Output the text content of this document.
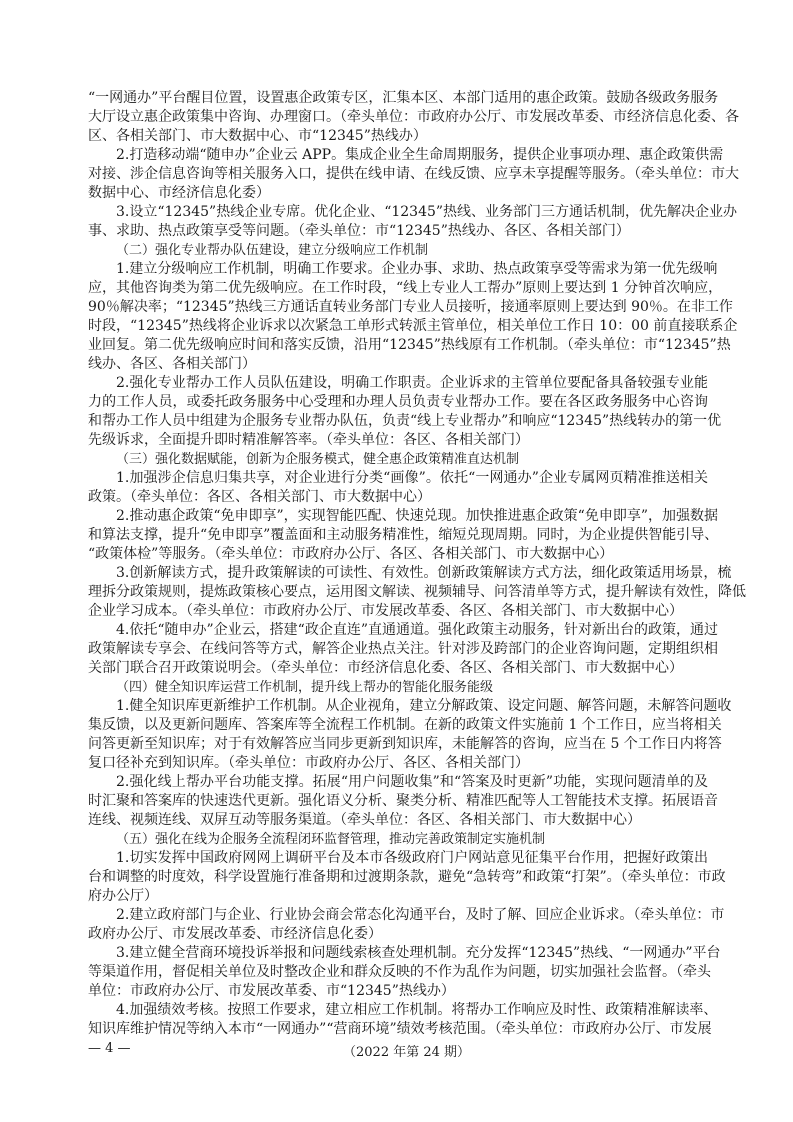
“一网通办”平台醒目位置，设置惠企政策专区，汇集本区、本部门适用的惠企政策。鼓励各级政务服务
大厅设立惠企政策集中咨询、办理窗口。（牵头单位：市政府办公厅、市发展改革委、市经济信息化委、各
区、各相关部门、市大数据中心、市“12345”热线办）
2.打造移动端“随申办”企业云 APP。集成企业全生命周期服务，提供企业事项办理、惠企政策供需
对接、涉企信息咨询等相关服务入口，提供在线申请、在线反馈、应享未享提醒等服务。（牵头单位：市大
数据中心、市经济信息化委）
3.设立“12345”热线企业专席。优化企业、“12345”热线、业务部门三方通话机制，优先解决企业办
事、求助、热点政策享受等问题。（牵头单位：市“12345”热线办、各区、各相关部门）
（二）强化专业帮办队伍建设，建立分级响应工作机制
1.建立分级响应工作机制，明确工作要求。企业办事、求助、热点政策享受等需求为第一优先级响
应，其他咨询类为第二优先级响应。在工作时段，“线上专业人工帮办”原则上要达到 1 分钟首次响应，
90％解决率；“12345”热线三方通话直转业务部门专业人员接听，接通率原则上要达到 90％。在非工作
时段，“12345”热线将企业诉求以次紧急工单形式转派主管单位，相关单位工作日 10：00 前直接联系企
业回复。第二优先级响应时间和落实反馈，沿用“12345”热线原有工作机制。（牵头单位：市“12345”热
线办、各区、各相关部门）
2.强化专业帮办工作人员队伍建设，明确工作职责。企业诉求的主管单位要配备具备较强专业能
力的工作人员，或委托政务服务中心受理和办理人员负责专业帮办工作。要在各区政务服务中心咨询
和帮办工作人员中组建为企服务专业帮办队伍，负责“线上专业帮办”和响应“12345”热线转办的第一优
先级诉求，全面提升即时精准解答率。（牵头单位：各区、各相关部门）
（三）强化数据赋能，创新为企服务模式，健全惠企政策精准直达机制
1.加强涉企信息归集共享，对企业进行分类“画像”。依托“一网通办”企业专属网页精准推送相关
政策。（牵头单位：各区、各相关部门、市大数据中心）
2.推动惠企政策“免申即享”，实现智能匹配、快速兑现。加快推进惠企政策“免申即享”，加强数据
和算法支撑，提升“免申即享”覆盖面和主动服务精准性，缩短兑现周期。同时，为企业提供智能引导、
“政策体检”等服务。（牵头单位：市政府办公厅、各区、各相关部门、市大数据中心）
3.创新解读方式，提升政策解读的可读性、有效性。创新政策解读方式方法，细化政策适用场景，梳
理拆分政策规则，提炼政策核心要点，运用图文解读、视频辅导、问答清单等方式，提升解读有效性，降低
企业学习成本。（牵头单位：市政府办公厅、市发展改革委、各区、各相关部门、市大数据中心）
4.依托“随申办”企业云，搭建“政企直连”直通通道。强化政策主动服务，针对新出台的政策，通过
政策解读专享会、在线问答等方式，解答企业热点关注。针对涉及跨部门的企业咨询问题，定期组织相
关部门联合召开政策说明会。（牵头单位：市经济信息化委、各区、各相关部门、市大数据中心）
（四）健全知识库运营工作机制，提升线上帮办的智能化服务能级
1.健全知识库更新维护工作机制。从企业视角，建立分解政策、设定问题、解答问题，未解答问题收
集反馈，以及更新问题库、答案库等全流程工作机制。在新的政策文件实施前 1 个工作日，应当将相关
问答更新至知识库；对于有效解答应当同步更新到知识库，未能解答的咨询，应当在 5 个工作日内将答
复口径补充到知识库。（牵头单位：市政府办公厅、各区、各相关部门）
2.强化线上帮办平台功能支撑。拓展“用户问题收集”和“答案及时更新”功能，实现问题清单的及
时汇聚和答案库的快速迭代更新。强化语义分析、聚类分析、精准匹配等人工智能技术支撑。拓展语音
连线、视频连线、双屏互动等服务渠道。（牵头单位：各区、各相关部门、市大数据中心）
（五）强化在线为企服务全流程闭环监督管理，推动完善政策制定实施机制
1.切实发挥中国政府网网上调研平台及本市各级政府门户网站意见征集平台作用，把握好政策出
台和调整的时度效，科学设置施行准备期和过渡期条款，避免“急转弯”和政策“打架”。（牵头单位：市政
府办公厅）
2.建立政府部门与企业、行业协会商会常态化沟通平台，及时了解、回应企业诉求。（牵头单位：市
政府办公厅、市发展改革委、市经济信息化委）
3.建立健全营商环境投诉举报和问题线索核查处理机制。充分发挥“12345”热线、“一网通办”平台
等渠道作用，督促相关单位及时整改企业和群众反映的不作为乱作为问题，切实加强社会监督。（牵头
单位：市政府办公厅、市发展改革委、市“12345”热线办）
4.加强绩效考核。按照工作要求，建立相应工作机制。将帮办工作响应及时性、政策精准解读率、
知识库维护情况等纳入本市“一网通办”“营商环境”绩效考核范围。（牵头单位：市政府办公厅、市发展
— 4 —	（2022 年第 24 期）
